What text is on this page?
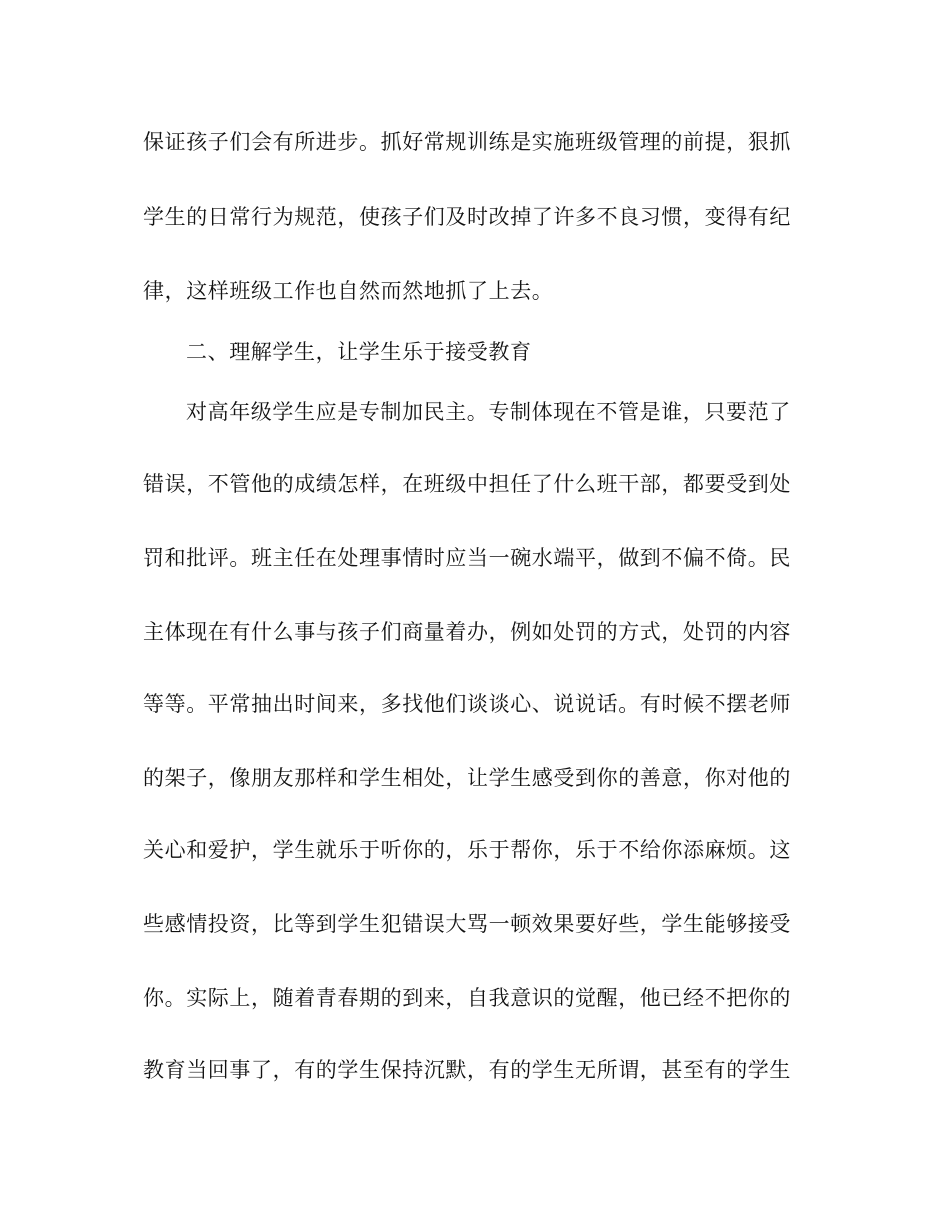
保证孩子们会有所进步。抓好常规训练是实施班级管理的前提，狠抓
学生的日常行为规范，使孩子们及时改掉了许多不良习惯，变得有纪
律，这样班级工作也自然而然地抓了上去。
二、理解学生，让学生乐于接受教育
对高年级学生应是专制加民主。专制体现在不管是谁，只要范了
错误，不管他的成绩怎样，在班级中担任了什么班干部，都要受到处
罚和批评。班主任在处理事情时应当一碗水端平，做到不偏不倚。民
主体现在有什么事与孩子们商量着办，例如处罚的方式，处罚的内容
等等。平常抽出时间来，多找他们谈谈心、说说话。有时候不摆老师
的架子，像朋友那样和学生相处，让学生感受到你的善意，你对他的
关心和爱护，学生就乐于听你的，乐于帮你，乐于不给你添麻烦。这
些感情投资，比等到学生犯错误大骂一顿效果要好些，学生能够接受
你。实际上，随着青春期的到来，自我意识的觉醒，他已经不把你的
教育当回事了，有的学生保持沉默，有的学生无所谓，甚至有的学生
